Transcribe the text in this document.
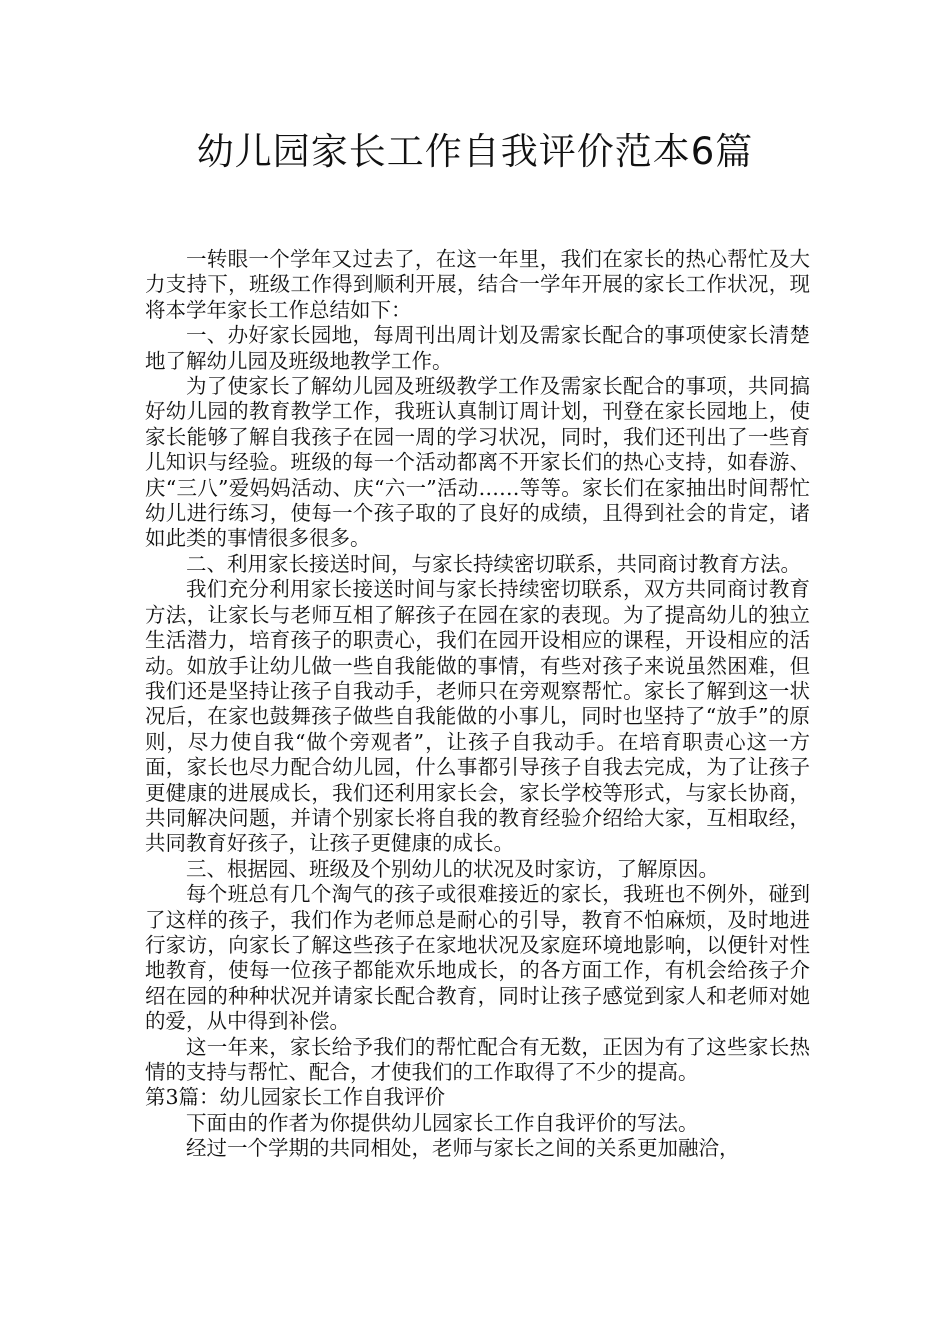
幼儿园家长工作自我评价范本6篇

一转眼一个学年又过去了，在这一年里，我们在家长的热心帮忙及大力支持下，班级工作得到顺利开展，结合一学年开展的家长工作状况，现将本学年家长工作总结如下：

一、办好家长园地，每周刊出周计划及需家长配合的事项使家长清楚地了解幼儿园及班级地教学工作。

为了使家长了解幼儿园及班级教学工作及需家长配合的事项，共同搞好幼儿园的教育教学工作，我班认真制订周计划，刊登在家长园地上，使家长能够了解自我孩子在园一周的学习状况，同时，我们还刊出了一些育儿知识与经验。班级的每一个活动都离不开家长们的热心支持，如春游、庆“三八”爱妈妈活动、庆“六一”活动……等等。家长们在家抽出时间帮忙幼儿进行练习，使每一个孩子取的了良好的成绩，且得到社会的肯定，诸如此类的事情很多很多。

二、利用家长接送时间，与家长持续密切联系，共同商讨教育方法。

我们充分利用家长接送时间与家长持续密切联系，双方共同商讨教育方法，让家长与老师互相了解孩子在园在家的表现。为了提高幼儿的独立生活潜力，培育孩子的职责心，我们在园开设相应的课程，开设相应的活动。如放手让幼儿做一些自我能做的事情，有些对孩子来说虽然困难，但我们还是坚持让孩子自我动手，老师只在旁观察帮忙。家长了解到这一状况后，在家也鼓舞孩子做些自我能做的小事儿，同时也坚持了“放手”的原则，尽力使自我“做个旁观者”，让孩子自我动手。在培育职责心这一方面，家长也尽力配合幼儿园，什么事都引导孩子自我去完成，为了让孩子更健康的进展成长，我们还利用家长会，家长学校等形式，与家长协商，共同解决问题，并请个别家长将自我的教育经验介绍给大家，互相取经，共同教育好孩子，让孩子更健康的成长。

三、根据园、班级及个别幼儿的状况及时家访，了解原因。

每个班总有几个淘气的孩子或很难接近的家长，我班也不例外，碰到了这样的孩子，我们作为老师总是耐心的引导，教育不怕麻烦，及时地进行家访，向家长了解这些孩子在家地状况及家庭环境地影响，以便针对性地教育，使每一位孩子都能欢乐地成长，的各方面工作，有机会给孩子介绍在园的种种状况并请家长配合教育，同时让孩子感觉到家人和老师对她的爱，从中得到补偿。

这一年来，家长给予我们的帮忙配合有无数，正因为有了这些家长热情的支持与帮忙、配合，才使我们的工作取得了不少的提高。

第3篇：幼儿园家长工作自我评价

下面由的作者为你提供幼儿园家长工作自我评价的写法。

经过一个学期的共同相处，老师与家长之间的关系更加融洽，
